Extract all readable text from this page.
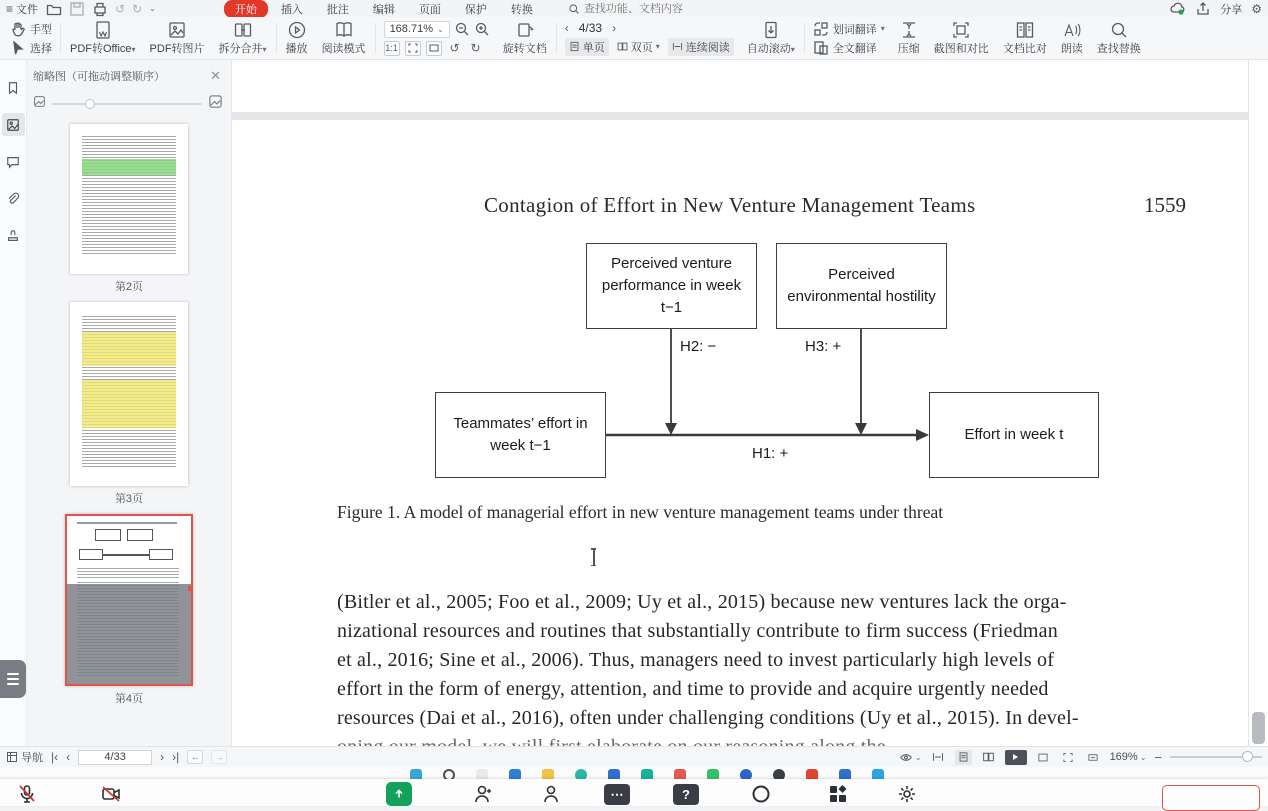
≡ 文件	↺ ↻ ⌄	开始	插入	批注	编辑	页面	保护	转换
查找功能、文档内容	分享 ⚙
手型
选择 PDF转Office▾ PDF转图片 拆分合并▾ 播放 阅读模式
168.71% ⌄
1:1	↺ ↻ 旋转文档
‹ 4/33 ›
单页 双页 ▾ 连续阅读 自动滚动▾
划词翻译 ▾
全文翻译 压缩 截图和对比 文档比对 朗读 查找替换
缩略图（可拖动调整顺序）	✕
第2页
第3页
第4页
Contagion of Effort in New Venture Management Teams	1559
Perceived venture performance in week t−1
Perceived environmental hostility
Teammates’ effort in week t−1
Effort in week t
H2: −	H3: +
H1: +
Figure 1. A model of managerial effort in new venture management teams under threat
(Bitler et al., 2005; Foo et al., 2009; Uy et al., 2015) because new ventures lack the orga-
nizational resources and routines that substantially contribute to firm success (Friedman
et al., 2016; Sine et al., 2006). Thus, managers need to invest particularly high levels of
effort in the form of energy, attention, and time to provide and acquire urgently needed
resources (Dai et al., 2016), often under challenging conditions (Uy et al., 2015). In devel-
导航 |‹ ‹	4/33	› ›|	←	→	⌄	169% ⌄ −
⋯	?
